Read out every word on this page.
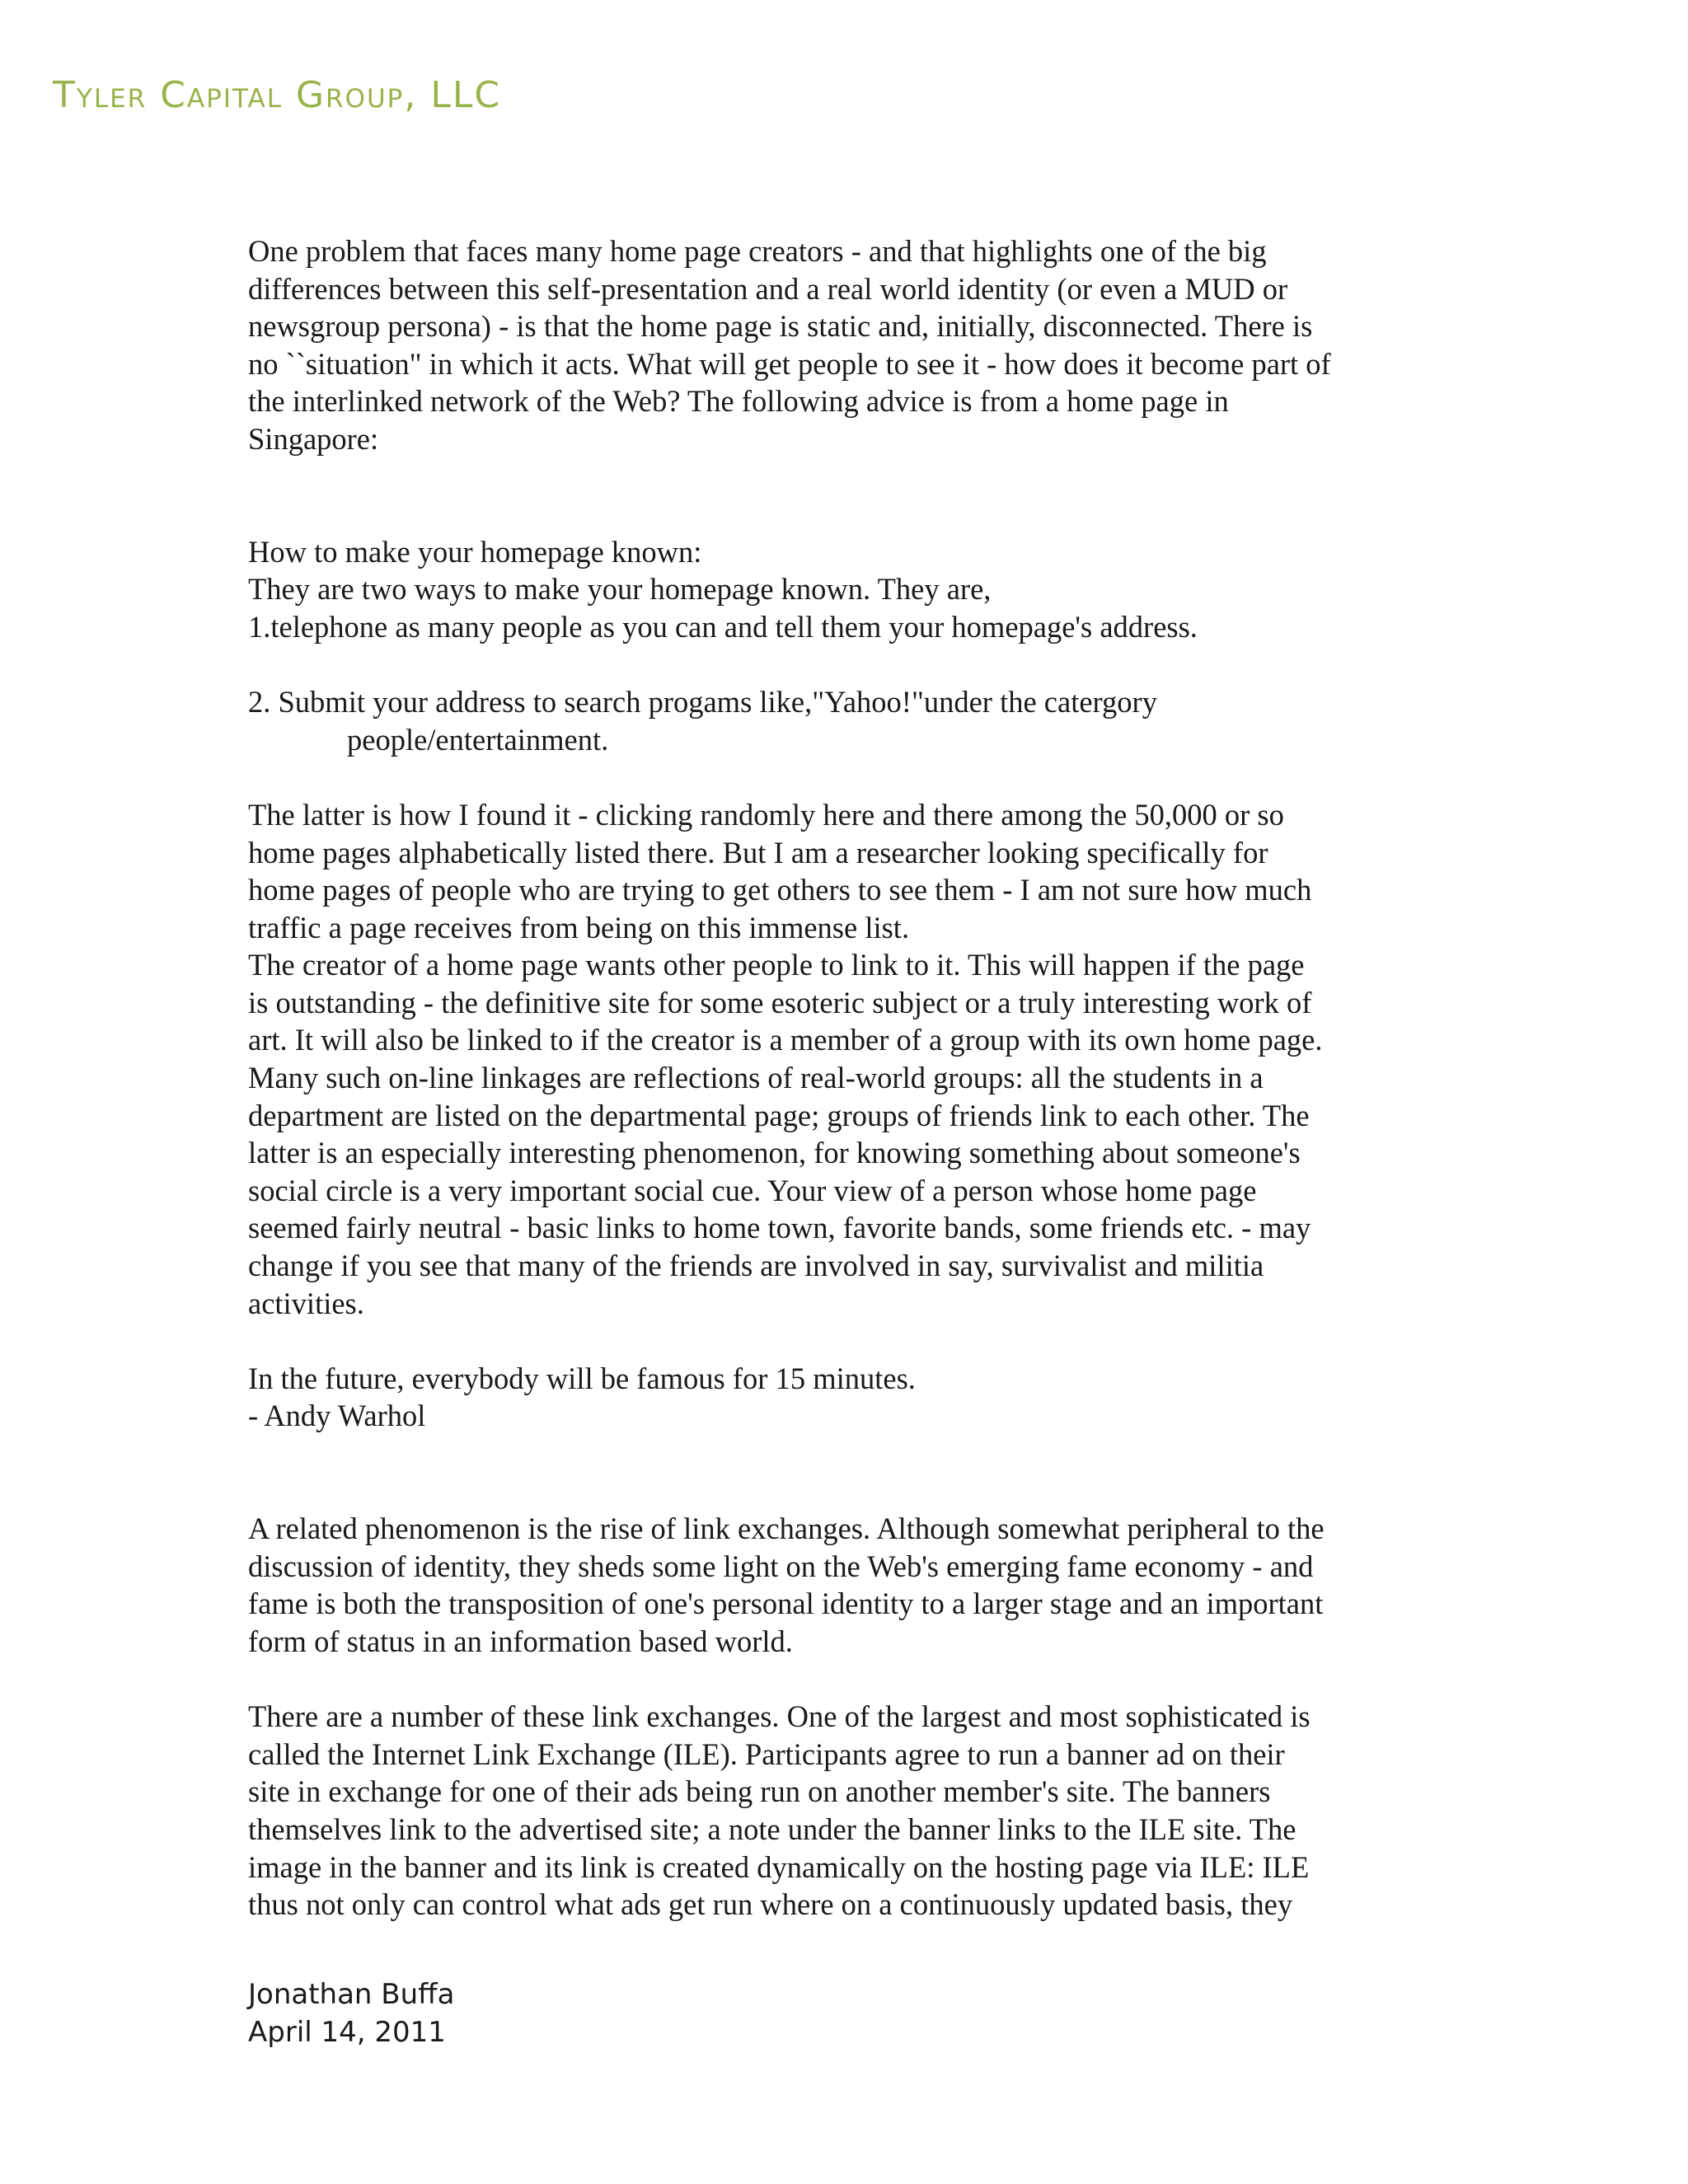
Tyler Capital Group, LLC
One problem that faces many home page creators - and that highlights one of the big
differences between this self-presentation and a real world identity (or even a MUD or
newsgroup persona) - is that the home page is static and, initially, disconnected. There is
no ``situation" in which it acts. What will get people to see it - how does it become part of
the interlinked network of the Web? The following advice is from a home page in
Singapore:
How to make your homepage known:
They are two ways to make your homepage known. They are,
1.telephone as many people as you can and tell them your homepage's address.
2. Submit your address to search progams like,"Yahoo!"under the catergory
people/entertainment.
The latter is how I found it - clicking randomly here and there among the 50,000 or so
home pages alphabetically listed there. But I am a researcher looking specifically for
home pages of people who are trying to get others to see them - I am not sure how much
traffic a page receives from being on this immense list.
The creator of a home page wants other people to link to it. This will happen if the page
is outstanding - the definitive site for some esoteric subject or a truly interesting work of
art. It will also be linked to if the creator is a member of a group with its own home page.
Many such on-line linkages are reflections of real-world groups: all the students in a
department are listed on the departmental page; groups of friends link to each other. The
latter is an especially interesting phenomenon, for knowing something about someone's
social circle is a very important social cue. Your view of a person whose home page
seemed fairly neutral - basic links to home town, favorite bands, some friends etc. - may
change if you see that many of the friends are involved in say, survivalist and militia
activities.
In the future, everybody will be famous for 15 minutes.
- Andy Warhol
A related phenomenon is the rise of link exchanges. Although somewhat peripheral to the
discussion of identity, they sheds some light on the Web's emerging fame economy - and
fame is both the transposition of one's personal identity to a larger stage and an important
form of status in an information based world.
There are a number of these link exchanges. One of the largest and most sophisticated is
called the Internet Link Exchange (ILE). Participants agree to run a banner ad on their
site in exchange for one of their ads being run on another member's site. The banners
themselves link to the advertised site; a note under the banner links to the ILE site. The
image in the banner and its link is created dynamically on the hosting page via ILE: ILE
thus not only can control what ads get run where on a continuously updated basis, they
Jonathan Buffa
April 14, 2011
